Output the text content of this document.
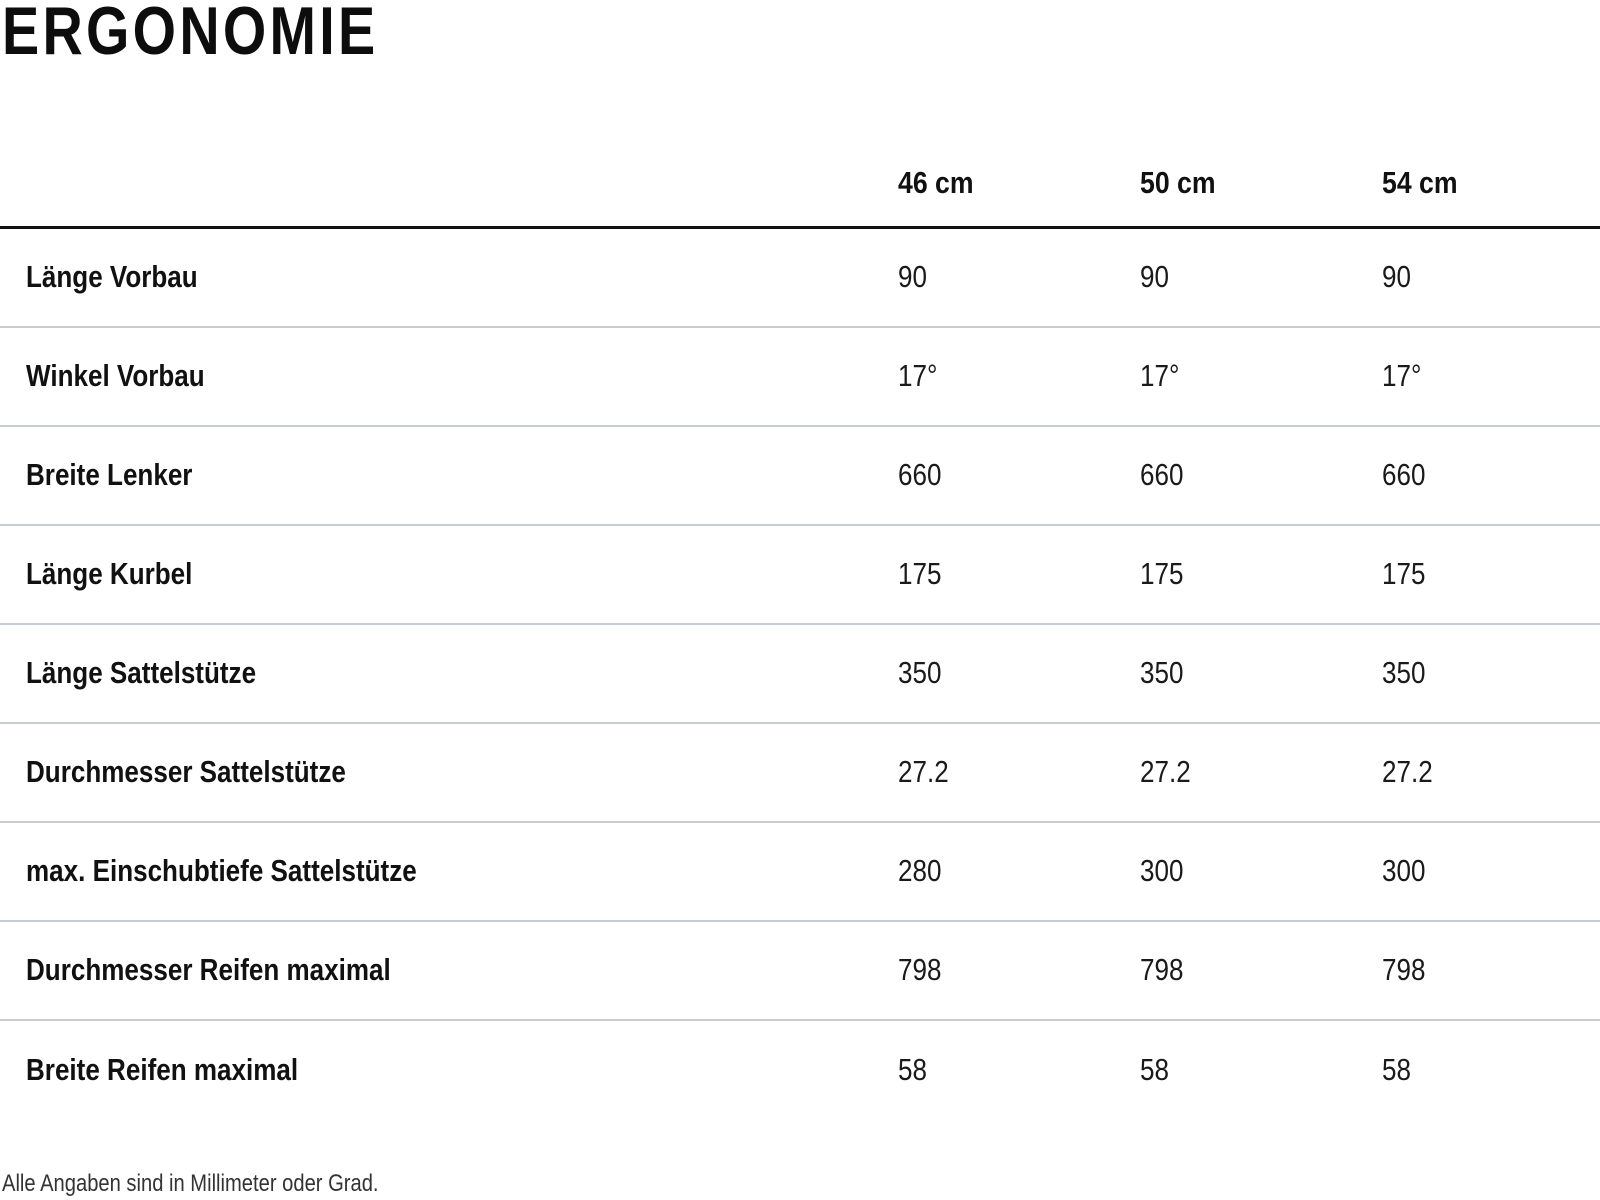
ERGONOMIE
	46 cm	50 cm	54 cm
Länge Vorbau	90	90	90
Winkel Vorbau	17°	17°	17°
Breite Lenker	660	660	660
Länge Kurbel	175	175	175
Länge Sattelstütze	350	350	350
Durchmesser Sattelstütze	27.2	27.2	27.2
max. Einschubtiefe Sattelstütze	280	300	300
Durchmesser Reifen maximal	798	798	798
Breite Reifen maximal	58	58	58
Alle Angaben sind in Millimeter oder Grad.
